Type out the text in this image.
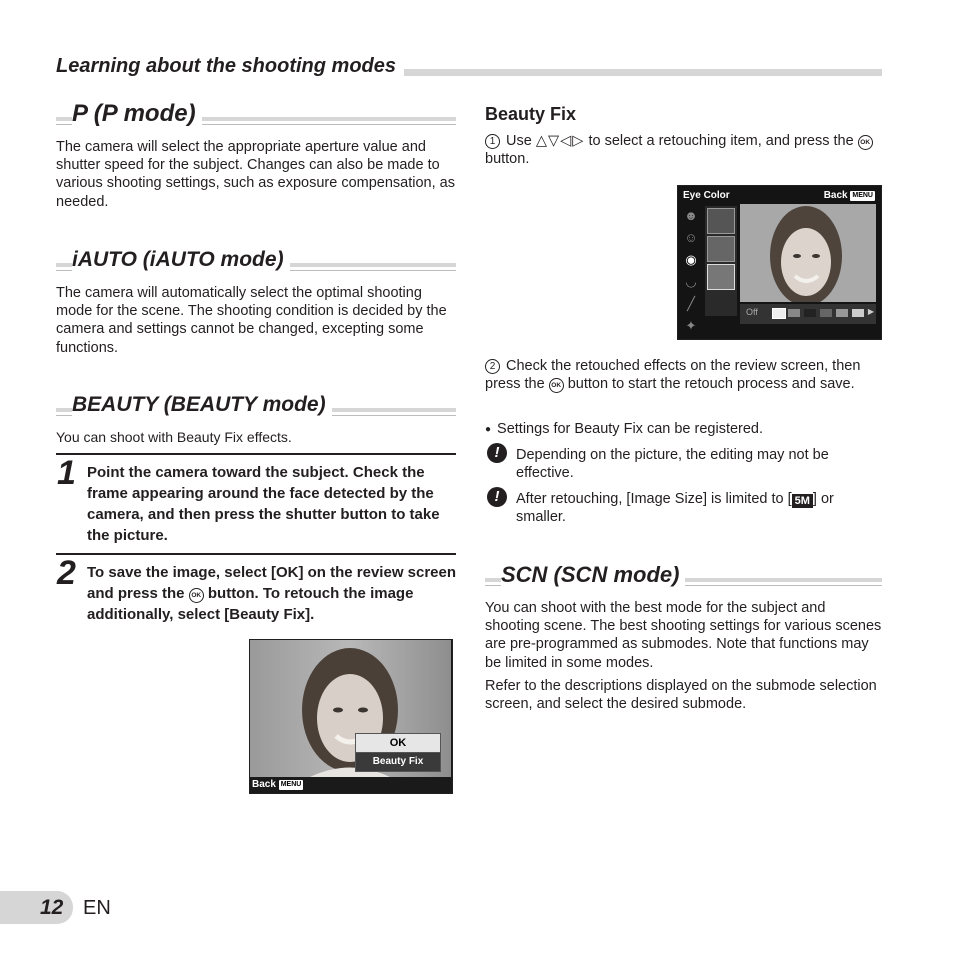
Learning about the shooting modes
P (P mode)
The camera will select the appropriate aperture value and shutter speed for the subject. Changes can also be made to various shooting settings, such as exposure compensation, as needed.
iAUTO (iAUTO mode)
The camera will automatically select the optimal shooting mode for the scene. The shooting condition is decided by the camera and settings cannot be changed, excepting some functions.
BEAUTY (BEAUTY mode)
You can shoot with Beauty Fix effects.
1 Point the camera toward the subject. Check the frame appearing around the face detected by the camera, and then press the shutter button to take the picture.
2 To save the image, select [OK] on the review screen and press the OK button. To retouch the image additionally, select [Beauty Fix].
OK
Beauty Fix
Back MENU
Beauty Fix
1 Use △▽◁▷ to select a retouching item, and press the OK button.
Eye Color	Back MENU
☻
☺
◉
◡
╱
✦
Off	▶
2 Check the retouched effects on the review screen, then press the OK button to start the retouch process and save.
● Settings for Beauty Fix can be registered.
!	Depending on the picture, the editing may not be effective.
!	After retouching, [Image Size] is limited to [ 5M ] or smaller.
SCN (SCN mode)
You can shoot with the best mode for the subject and shooting scene. The best shooting settings for various scenes are pre-programmed as submodes. Note that functions may be limited in some modes.
Refer to the descriptions displayed on the submode selection screen, and select the desired submode.
12 EN
